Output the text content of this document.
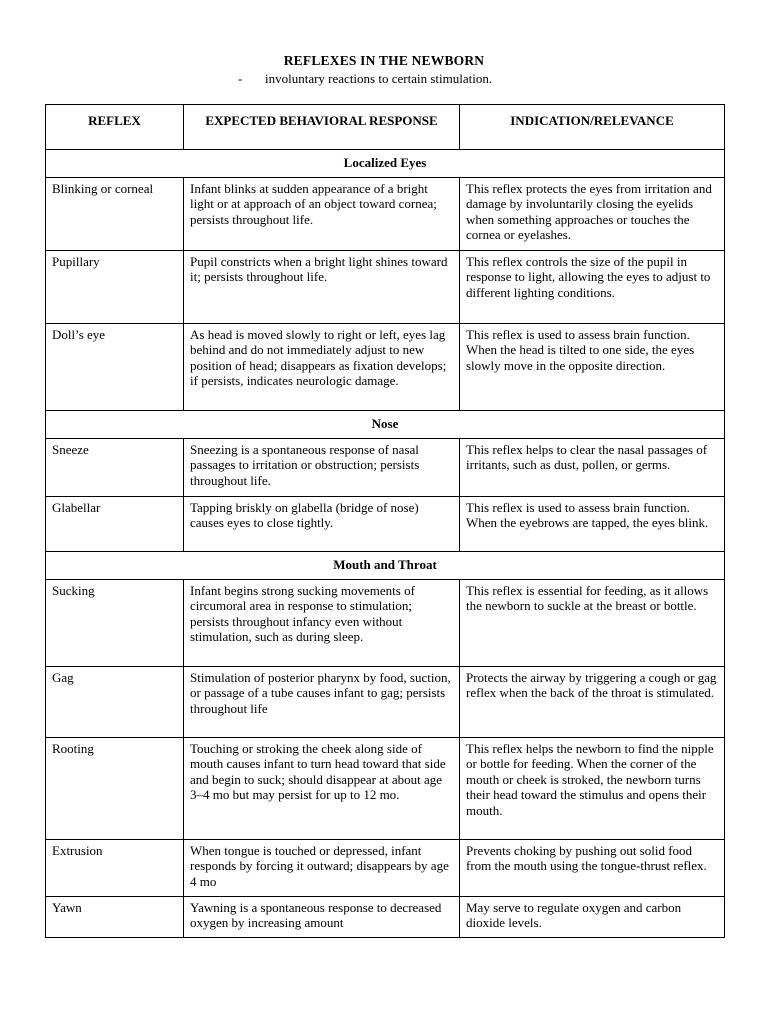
REFLEXES IN THE NEWBORN
- involuntary reactions to certain stimulation.
REFLEX	EXPECTED BEHAVIORAL RESPONSE	INDICATION/RELEVANCE
Localized Eyes		
Blinking or corneal	Infant blinks at sudden appearance of a bright light or at approach of an object toward cornea; persists throughout life.	This reflex protects the eyes from irritation and damage by involuntarily closing the eyelids when something approaches or touches the cornea or eyelashes.
Pupillary	Pupil constricts when a bright light shines toward it; persists throughout life.	This reflex controls the size of the pupil in response to light, allowing the eyes to adjust to different lighting conditions.
Doll’s eye	As head is moved slowly to right or left, eyes lag behind and do not immediately adjust to new position of head; disappears as fixation develops; if persists, indicates neurologic damage.	This reflex is used to assess brain function. When the head is tilted to one side, the eyes slowly move in the opposite direction.
Nose		
Sneeze	Sneezing is a spontaneous response of nasal passages to irritation or obstruction; persists throughout life.	This reflex helps to clear the nasal passages of irritants, such as dust, pollen, or germs.
Glabellar	Tapping briskly on glabella (bridge of nose) causes eyes to close tightly.	This reflex is used to assess brain function. When the eyebrows are tapped, the eyes blink.
Mouth and Throat		
Sucking	Infant begins strong sucking movements of circumoral area in response to stimulation; persists throughout infancy even without stimulation, such as during sleep.	This reflex is essential for feeding, as it allows the newborn to suckle at the breast or bottle.
Gag	Stimulation of posterior pharynx by food, suction, or passage of a tube causes infant to gag; persists throughout life	Protects the airway by triggering a cough or gag reflex when the back of the throat is stimulated.
Rooting	Touching or stroking the cheek along side of mouth causes infant to turn head toward that side and begin to suck; should disappear at about age 3–4 mo but may persist for up to 12 mo.	This reflex helps the newborn to find the nipple or bottle for feeding. When the corner of the mouth or cheek is stroked, the newborn turns their head toward the stimulus and opens their mouth.
Extrusion	When tongue is touched or depressed, infant responds by forcing it outward; disappears by age 4 mo	Prevents choking by pushing out solid food from the mouth using the tongue-thrust reflex.
Yawn	Yawning is a spontaneous response to decreased oxygen by increasing amount	May serve to regulate oxygen and carbon dioxide levels.
